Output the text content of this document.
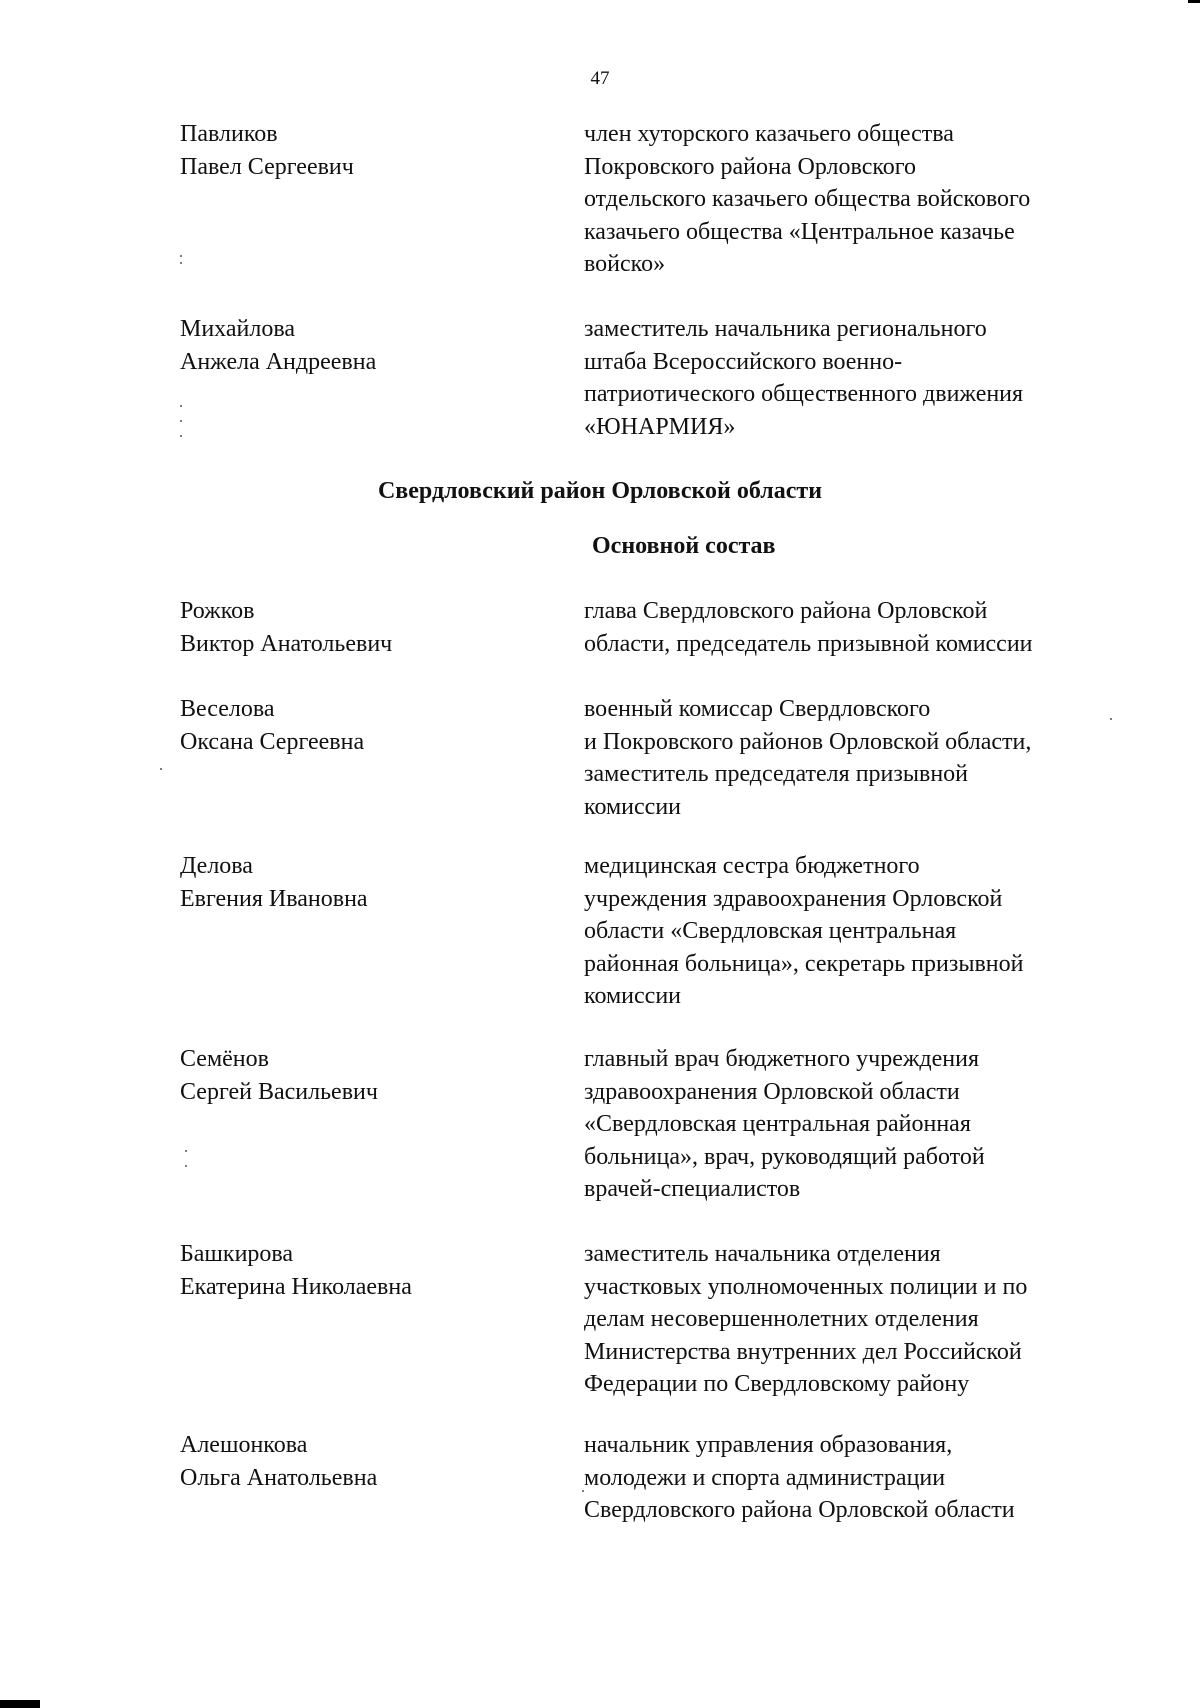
47
Павликов
Павел Сергеевич
член хуторского казачьего общества
Покровского района Орловского
отдельского казачьего общества войскового
казачьего общества «Центральное казачье
войско»
Михайлова
Анжела Андреевна
заместитель начальника регионального
штаба Всероссийского военно-
патриотического общественного движения
«ЮНАРМИЯ»
Свердловский район Орловской области
Основной состав
Рожков
Виктор Анатольевич
глава Свердловского района Орловской
области, председатель призывной комиссии
Веселова
Оксана Сергеевна
военный комиссар Свердловского
и Покровского районов Орловской области,
заместитель председателя призывной
комиссии
Делова
Евгения Ивановна
медицинская сестра бюджетного
учреждения здравоохранения Орловской
области «Свердловская центральная
районная больница», секретарь призывной
комиссии
Семёнов
Сергей Васильевич
главный врач бюджетного учреждения
здравоохранения Орловской области
«Свердловская центральная районная
больница», врач, руководящий работой
врачей-специалистов
Башкирова
Екатерина Николаевна
заместитель начальника отделения
участковых уполномоченных полиции и по
делам несовершеннолетних отделения
Министерства внутренних дел Российской
Федерации по Свердловскому району
Алешонкова
Ольга Анатольевна
начальник управления образования,
молодежи и спорта администрации
Свердловского района Орловской области
